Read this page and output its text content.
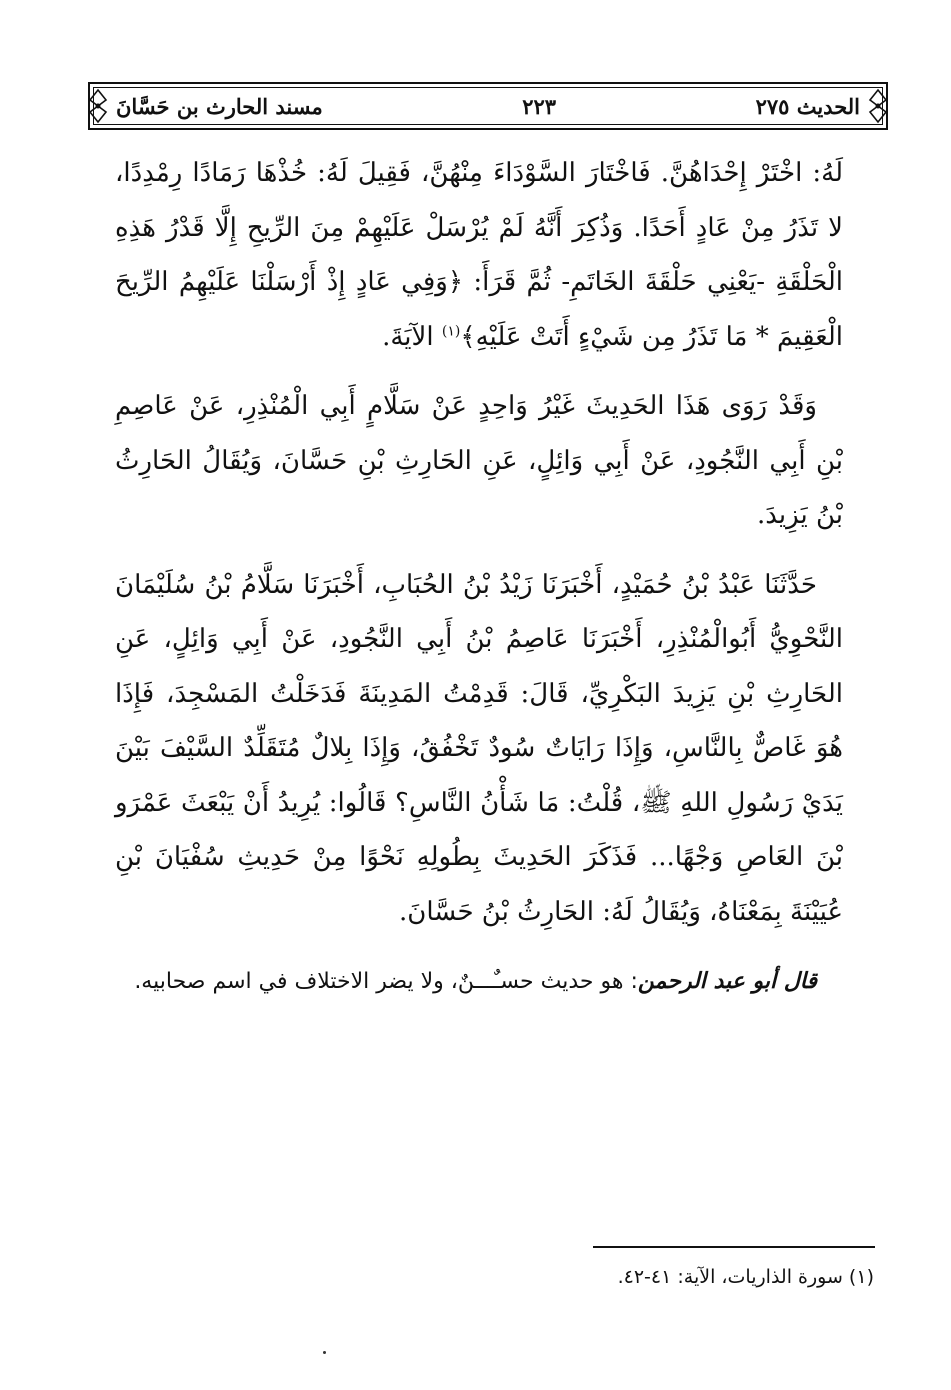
مسند الحارث بن حَسَّانَ	٢٢٣	الحديث ٢٧٥

لَهُ: اخْتَرْ إِحْدَاهُنَّ. فَاخْتَارَ السَّوْدَاءَ مِنْهُنَّ، فَقِيلَ لَهُ: خُذْهَا رَمَادًا رِمْدِدًا، لا تَذَرُ مِنْ عَادٍ أَحَدًا. وَذُكِرَ أَنَّهُ لَمْ يُرْسَلْ عَلَيْهِمْ مِنَ الرِّيحِ إِلَّا قَدْرُ هَذِهِ الْحَلْقَةِ -يَعْنِي حَلْقَةَ الخَاتَمِ- ثُمَّ قَرَأَ: ﴿وَفِي عَادٍ إِذْ أَرْسَلْنَا عَلَيْهِمُ الرِّيحَ الْعَقِيمَ * مَا تَذَرُ مِن شَيْءٍ أَتَتْ عَلَيْهِ﴾$^{(١)}$ الآيَةَ.

وَقَدْ رَوَى هَذَا الحَدِيثَ غَيْرُ وَاحِدٍ عَنْ سَلَّامٍ أَبِي الْمُنْذِرِ، عَنْ عَاصِمِ بْنِ أَبِي النَّجُودِ، عَنْ أَبِي وَائِلٍ، عَنِ الحَارِثِ بْنِ حَسَّانَ، وَيُقَالُ الحَارِثُ بْنُ يَزِيدَ.

حَدَّثَنَا عَبْدُ بْنُ حُمَيْدٍ، أَخْبَرَنَا زَيْدُ بْنُ الحُبَابِ، أَخْبَرَنَا سَلَّامُ بْنُ سُلَيْمَانَ النَّحْوِيُّ أَبُوالْمُنْذِرِ، أَخْبَرَنَا عَاصِمُ بْنُ أَبِي النَّجُودِ، عَنْ أَبِي وَائِلٍ، عَنِ الحَارِثِ بْنِ يَزِيدَ البَكْرِيِّ، قَالَ: قَدِمْتُ المَدِينَةَ فَدَخَلْتُ المَسْجِدَ، فَإِذَا هُوَ غَاصٌّ بِالنَّاسِ، وَإِذَا رَايَاتٌ سُودٌ تَخْفُقُ، وَإِذَا بِلالٌ مُتَقَلِّدٌ السَّيْفَ بَيْنَ يَدَيْ رَسُولِ اللهِ ﷺ، قُلْتُ: مَا شَأْنُ النَّاسِ؟ قَالُوا: يُرِيدُ أَنْ يَبْعَثَ عَمْرَو بْنَ العَاصِ وَجْهًا... فَذَكَرَ الحَدِيثَ بِطُولِهِ نَحْوًا مِنْ حَدِيثِ سُفْيَانَ بْنِ عُيَيْنَةَ بِمَعْنَاهُ، وَيُقَالُ لَهُ: الحَارِثُ بْنُ حَسَّانَ.

قال أبو عبد الرحمن: هو حديث حسـٌـــنٌ، ولا يضر الاختلاف في اسم صحابيه.

(١) سورة الذاريات، الآية: ٤١-٤٢.
